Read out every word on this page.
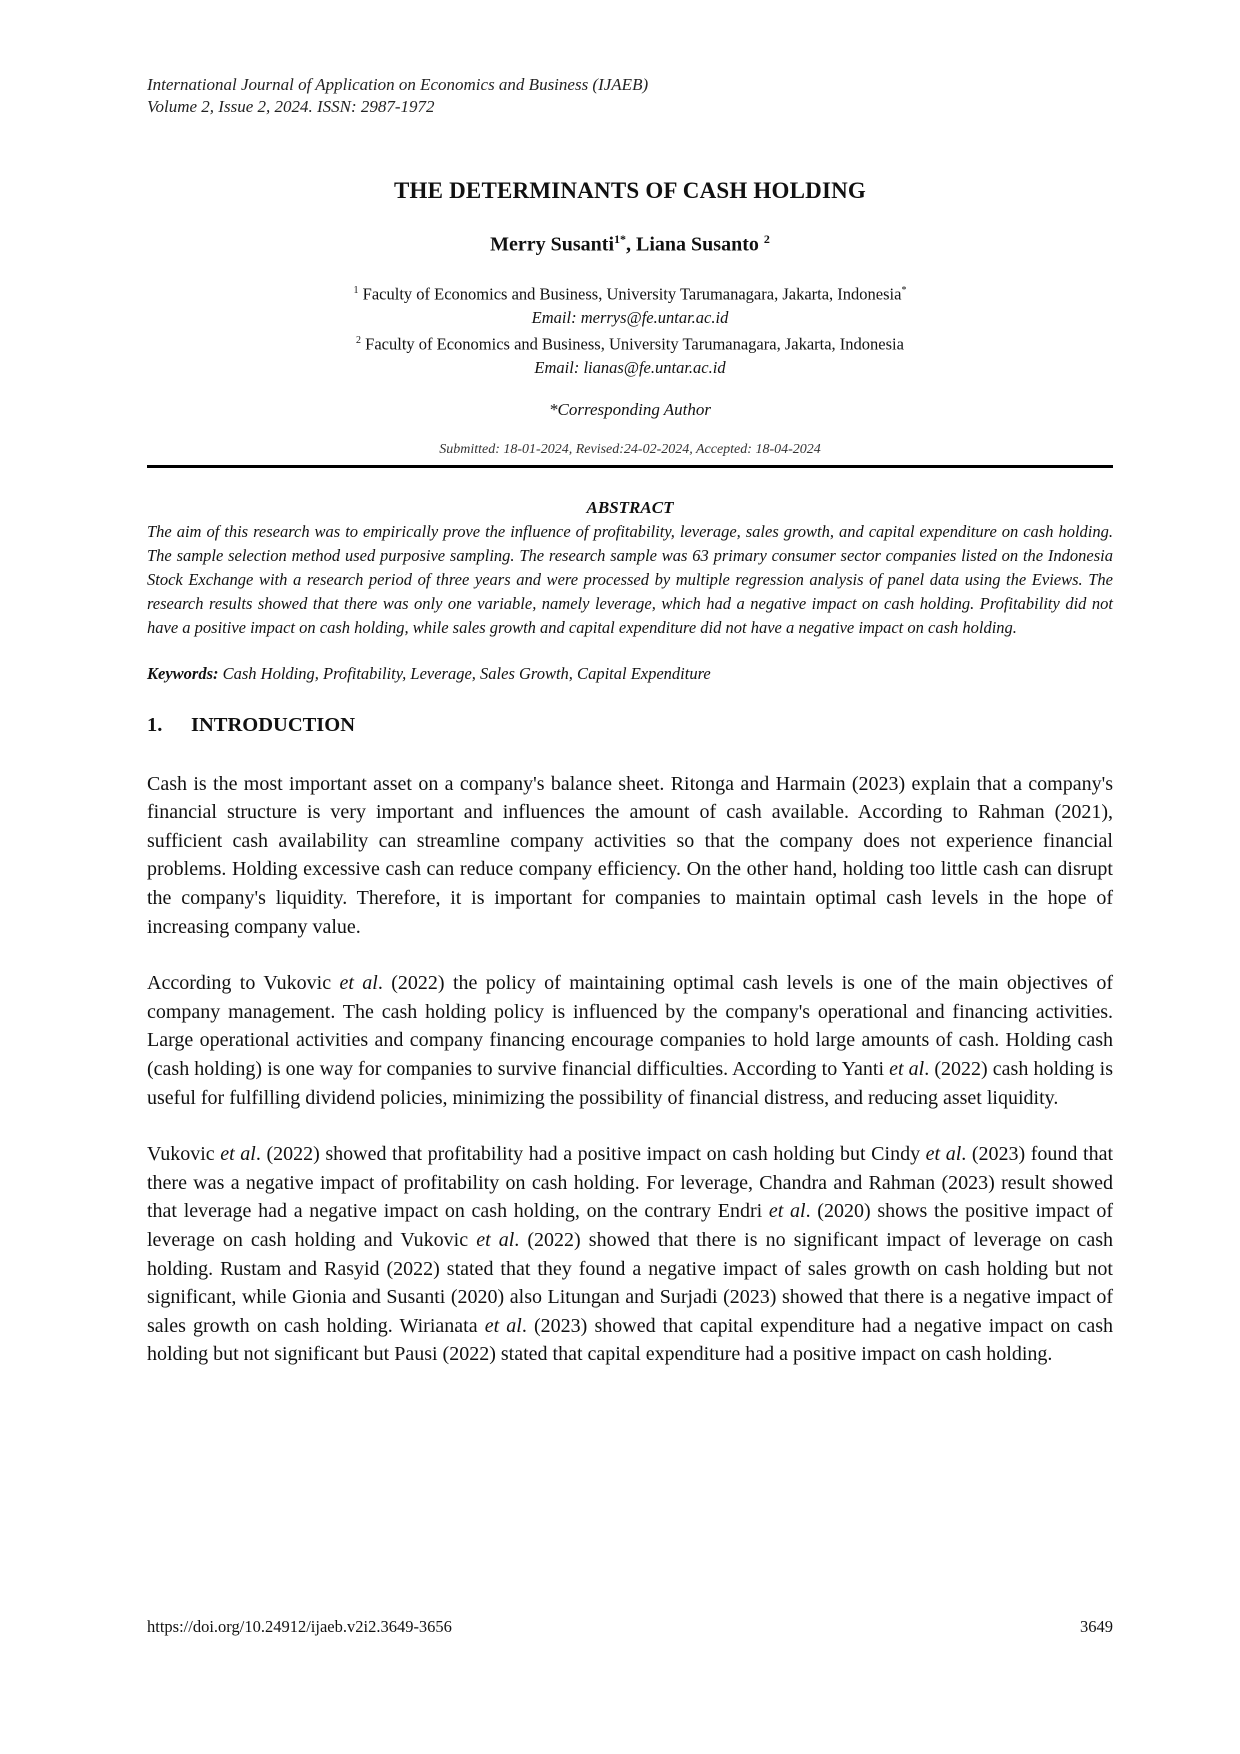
International Journal of Application on Economics and Business (IJAEB)
Volume 2, Issue 2, 2024. ISSN: 2987-1972
THE DETERMINANTS OF CASH HOLDING
Merry Susanti$^{1*}$, Liana Susanto $^2$
$^1$ Faculty of Economics and Business, University Tarumanagara, Jakarta, Indonesia*
Email: merrys@fe.untar.ac.id
$^2$ Faculty of Economics and Business, University Tarumanagara, Jakarta, Indonesia
Email: lianas@fe.untar.ac.id
*Corresponding Author
Submitted: 18-01-2024, Revised:24-02-2024, Accepted: 18-04-2024
ABSTRACT
The aim of this research was to empirically prove the influence of profitability, leverage, sales growth, and capital expenditure on cash holding. The sample selection method used purposive sampling. The research sample was 63 primary consumer sector companies listed on the Indonesia Stock Exchange with a research period of three years and were processed by multiple regression analysis of panel data using the Eviews. The research results showed that there was only one variable, namely leverage, which had a negative impact on cash holding. Profitability did not have a positive impact on cash holding, while sales growth and capital expenditure did not have a negative impact on cash holding.
Keywords: Cash Holding, Profitability, Leverage, Sales Growth, Capital Expenditure
1. INTRODUCTION

Cash is the most important asset on a company's balance sheet. Ritonga and Harmain (2023) explain that a company's financial structure is very important and influences the amount of cash available. According to Rahman (2021), sufficient cash availability can streamline company activities so that the company does not experience financial problems. Holding excessive cash can reduce company efficiency. On the other hand, holding too little cash can disrupt the company's liquidity. Therefore, it is important for companies to maintain optimal cash levels in the hope of increasing company value.

According to Vukovic et al. (2022) the policy of maintaining optimal cash levels is one of the main objectives of company management. The cash holding policy is influenced by the company's operational and financing activities. Large operational activities and company financing encourage companies to hold large amounts of cash. Holding cash (cash holding) is one way for companies to survive financial difficulties. According to Yanti et al. (2022) cash holding is useful for fulfilling dividend policies, minimizing the possibility of financial distress, and reducing asset liquidity.

Vukovic et al. (2022) showed that profitability had a positive impact on cash holding but Cindy et al. (2023) found that there was a negative impact of profitability on cash holding. For leverage, Chandra and Rahman (2023) result showed that leverage had a negative impact on cash holding, on the contrary Endri et al. (2020) shows the positive impact of leverage on cash holding and Vukovic et al. (2022) showed that there is no significant impact of leverage on cash holding. Rustam and Rasyid (2022) stated that they found a negative impact of sales growth on cash holding but not significant, while Gionia and Susanti (2020) also Litungan and Surjadi (2023) showed that there is a negative impact of sales growth on cash holding. Wirianata et al. (2023) showed that capital expenditure had a negative impact on cash holding but not significant but Pausi (2022) stated that capital expenditure had a positive impact on cash holding.

https://doi.org/10.24912/ijaeb.v2i2.3649-3656	3649
